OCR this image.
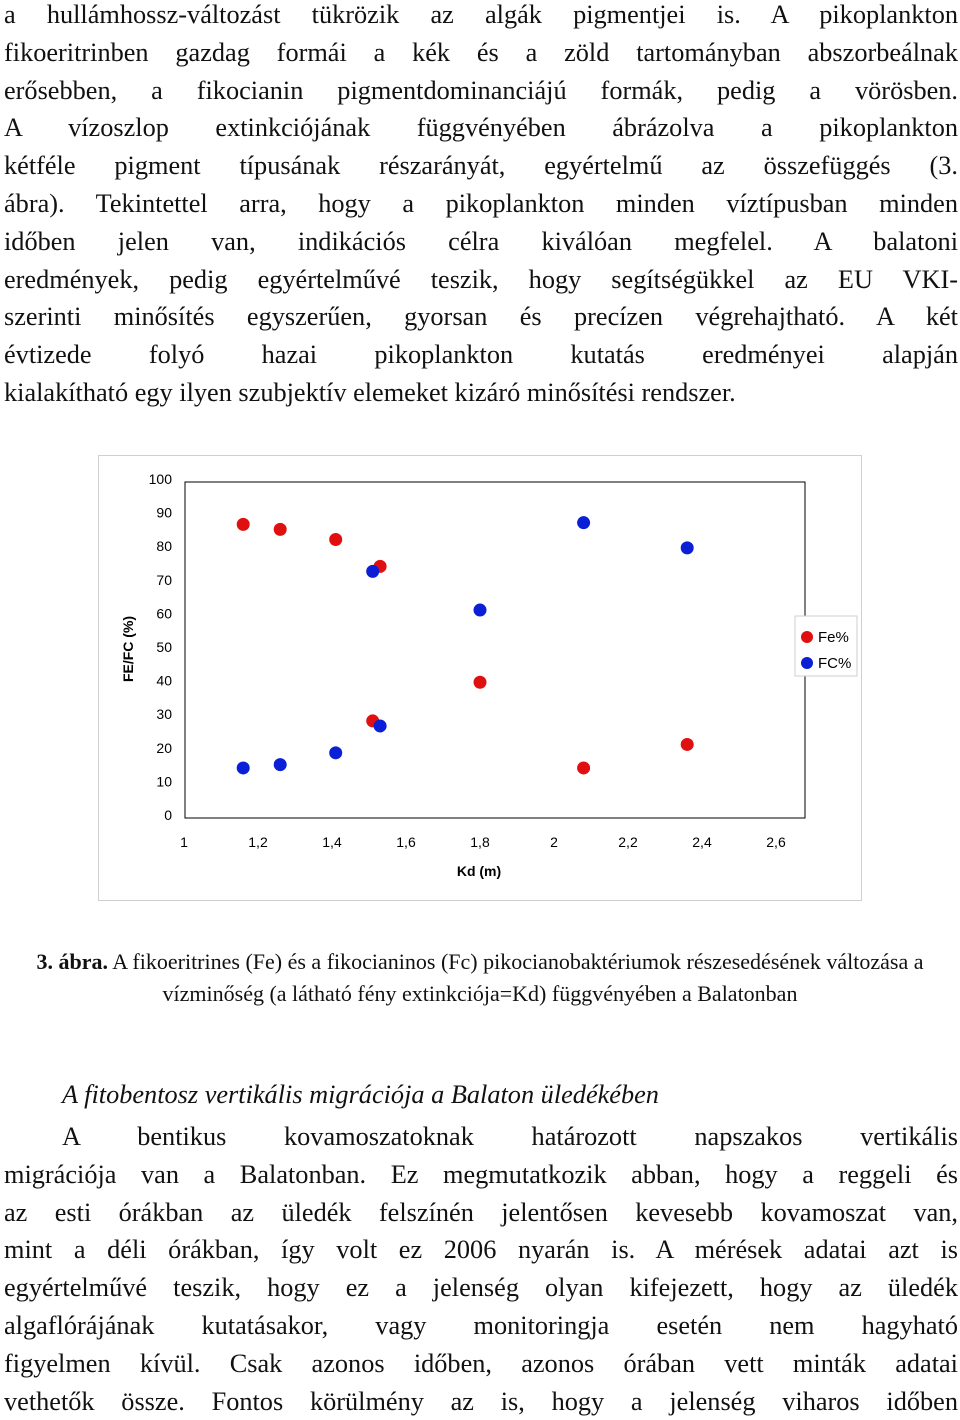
a hullámhossz-változást tükrözik az algák pigmentjei is. A pikoplankton
fikoeritrinben gazdag formái a kék és a zöld tartományban abszorbeálnak
erősebben, a fikocianin pigmentdominanciájú formák, pedig a vörösben.
A vízoszlop extinkciójának függvényében ábrázolva a pikoplankton
kétféle pigment típusának részarányát, egyértelmű az összefüggés (3.
ábra). Tekintettel arra, hogy a pikoplankton minden víztípusban minden
időben jelen van, indikációs célra kiválóan megfelel. A balatoni
eredmények, pedig egyértelművé teszik, hogy segítségükkel az EU VKI-
szerinti minősítés egyszerűen, gyorsan és precízen végrehajtható. A két
évtizede folyó hazai pikoplankton kutatás eredményei alapján
kialakítható egy ilyen szubjektív elemeket kizáró minősítési rendszer.
0
10
20
30
40
50
60
70
80
90
100
1	1,2	1,4	1,6	1,8	2	2,2	2,4	2,6
FE/FC (%)
Kd (m)
Fe%
FC%
3. ábra. A fikoeritrines (Fe) és a fikocianinos (Fc) pikocianobaktériumok részesedésének változása a vízminőség (a látható fény extinkciója=Kd) függvényében a Balatonban
A fitobentosz vertikális migrációja a Balaton üledékében
A bentikus kovamoszatoknak határozott napszakos vertikális
migrációja van a Balatonban. Ez megmutatkozik abban, hogy a reggeli és
az esti órákban az üledék felszínén jelentősen kevesebb kovamoszat van,
mint a déli órákban, így volt ez 2006 nyarán is. A mérések adatai azt is
egyértelművé teszik, hogy ez a jelenség olyan kifejezett, hogy az üledék
algaflórájának kutatásakor, vagy monitoringja esetén nem hagyható
figyelmen kívül. Csak azonos időben, azonos órában vett minták adatai
vethetők össze. Fontos körülmény az is, hogy a jelenség viharos időben
